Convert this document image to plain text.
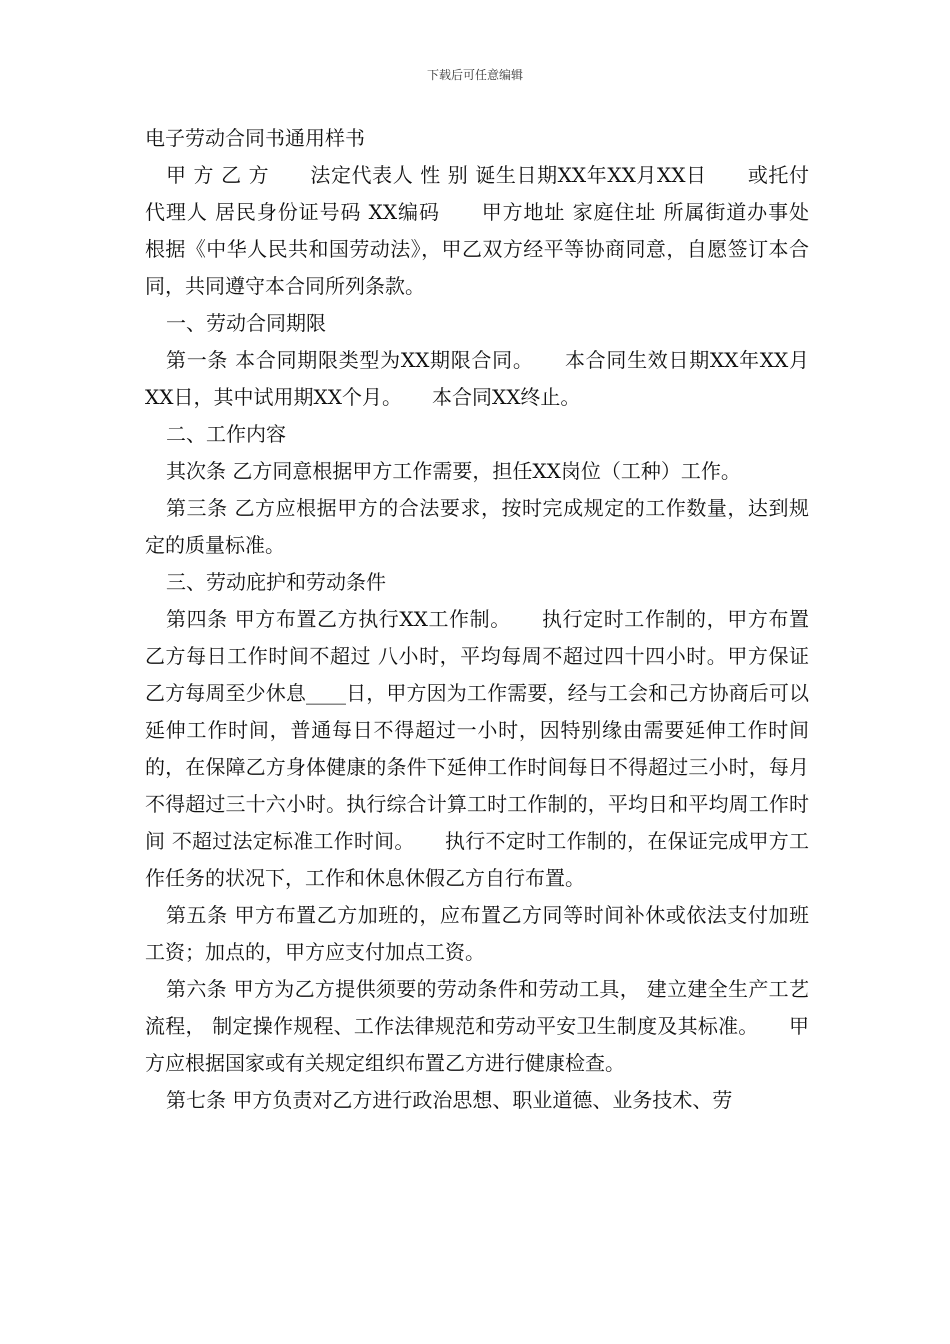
下载后可任意编辑
电子劳动合同书通用样书

甲 方 乙 方　　法定代表人 性 别 诞生日期XX年XX月XX日　　或托付代理人 居民身份证号码 XX编码　　甲方地址 家庭住址 所属街道办事处　　根据《中华人民共和国劳动法》，甲乙双方经平等协商同意，自愿签订本合同，共同遵守本合同所列条款。

一、劳动合同期限

第一条 本合同期限类型为XX期限合同。　　本合同生效日期XX年XX月XX日，其中试用期XX个月。　　本合同XX终止。

二、工作内容

其次条 乙方同意根据甲方工作需要，担任XX岗位（工种）工作。

第三条 乙方应根据甲方的合法要求，按时完成规定的工作数量，达到规定的质量标准。

三、劳动庇护和劳动条件

第四条 甲方布置乙方执行XX工作制。　　执行定时工作制的，甲方布置乙方每日工作时间不超过 八小时，平均每周不超过四十四小时。甲方保证乙方每周至少休息____日，甲方因为工作需要，经与工会和己方协商后可以延伸工作时间，普通每日不得超过一小时，因特别缘由需要延伸工作时间的，在保障乙方身体健康的条件下延伸工作时间每日不得超过三小时，每月不得超过三十六小时。执行综合计算工时工作制的，平均日和平均周工作时间 不超过法定标准工作时间。　　执行不定时工作制的，在保证完成甲方工作任务的状况下，工作和休息休假乙方自行布置。

第五条 甲方布置乙方加班的，应布置乙方同等时间补休或依法支付加班工资；加点的，甲方应支付加点工资。

第六条 甲方为乙方提供须要的劳动条件和劳动工具， 建立建全生产工艺流程， 制定操作规程、工作法律规范和劳动平安卫生制度及其标准。　　甲方应根据国家或有关规定组织布置乙方进行健康检查。

第七条 甲方负责对乙方进行政治思想、职业道德、业务技术、劳
